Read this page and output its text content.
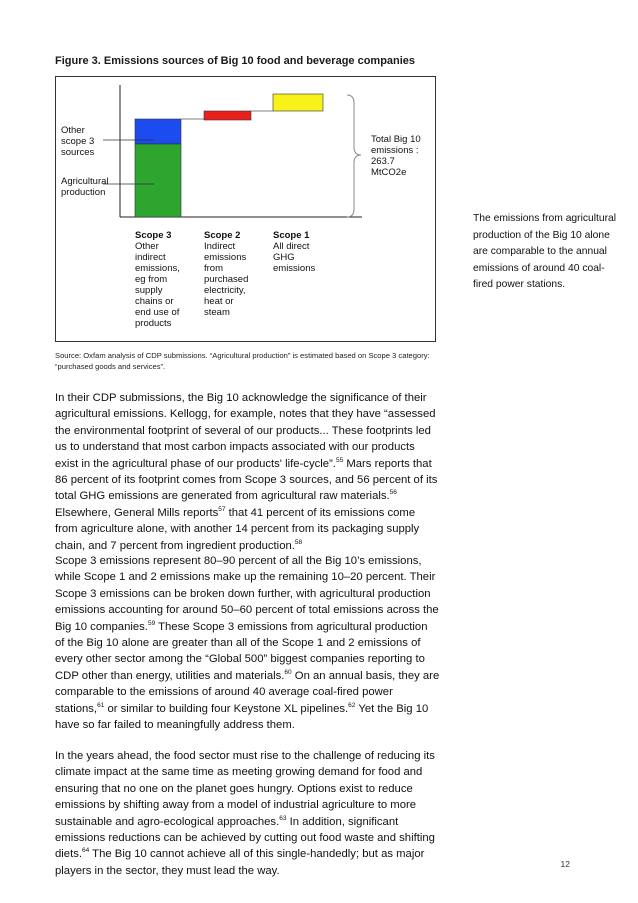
Figure 3. Emissions sources of Big 10 food and beverage companies
Other scope 3 sources
Agricultural production
Total Big 10 emissions : 263.7 MtCO2e
Scope 3 Other indirect emissions, eg from supply chains or end use of products
Scope 2 Indirect emissions from purchased electricity, heat or steam
Scope 1 All direct GHG emissions
Source: Oxfam analysis of CDP submissions. “Agricultural production” is estimated based on Scope 3 category: “purchased goods and services”.
The emissions from agricultural production of the Big 10 alone are comparable to the annual emissions of around 40 coal-fired power stations.
In their CDP submissions, the Big 10 acknowledge the significance of their agricultural emissions. Kellogg, for example, notes that they have “assessed the environmental footprint of several of our products... These footprints led us to understand that most carbon impacts associated with our products exist in the agricultural phase of our products' life-cycle”.$^{55}$ Mars reports that 86 percent of its footprint comes from Scope 3 sources, and 56 percent of its total GHG emissions are generated from agricultural raw materials.$^{56}$ Elsewhere, General Mills reports$^{57}$ that 41 percent of its emissions come from agriculture alone, with another 14 percent from its packaging supply chain, and 7 percent from ingredient production.$^{58}$
Scope 3 emissions represent 80–90 percent of all the Big 10’s emissions, while Scope 1 and 2 emissions make up the remaining 10–20 percent. Their Scope 3 emissions can be broken down further, with agricultural production emissions accounting for around 50–60 percent of total emissions across the Big 10 companies.$^{59}$ These Scope 3 emissions from agricultural production of the Big 10 alone are greater than all of the Scope 1 and 2 emissions of every other sector among the “Global 500” biggest companies reporting to CDP other than energy, utilities and materials.$^{60}$ On an annual basis, they are comparable to the emissions of around 40 average coal-fired power stations,$^{61}$ or similar to building four Keystone XL pipelines.$^{62}$ Yet the Big 10 have so far failed to meaningfully address them.
In the years ahead, the food sector must rise to the challenge of reducing its climate impact at the same time as meeting growing demand for food and ensuring that no one on the planet goes hungry. Options exist to reduce emissions by shifting away from a model of industrial agriculture to more sustainable and agro-ecological approaches.$^{63}$ In addition, significant emissions reductions can be achieved by cutting out food waste and shifting diets.$^{64}$ The Big 10 cannot achieve all of this single-handedly; but as major players in the sector, they must lead the way.
12
